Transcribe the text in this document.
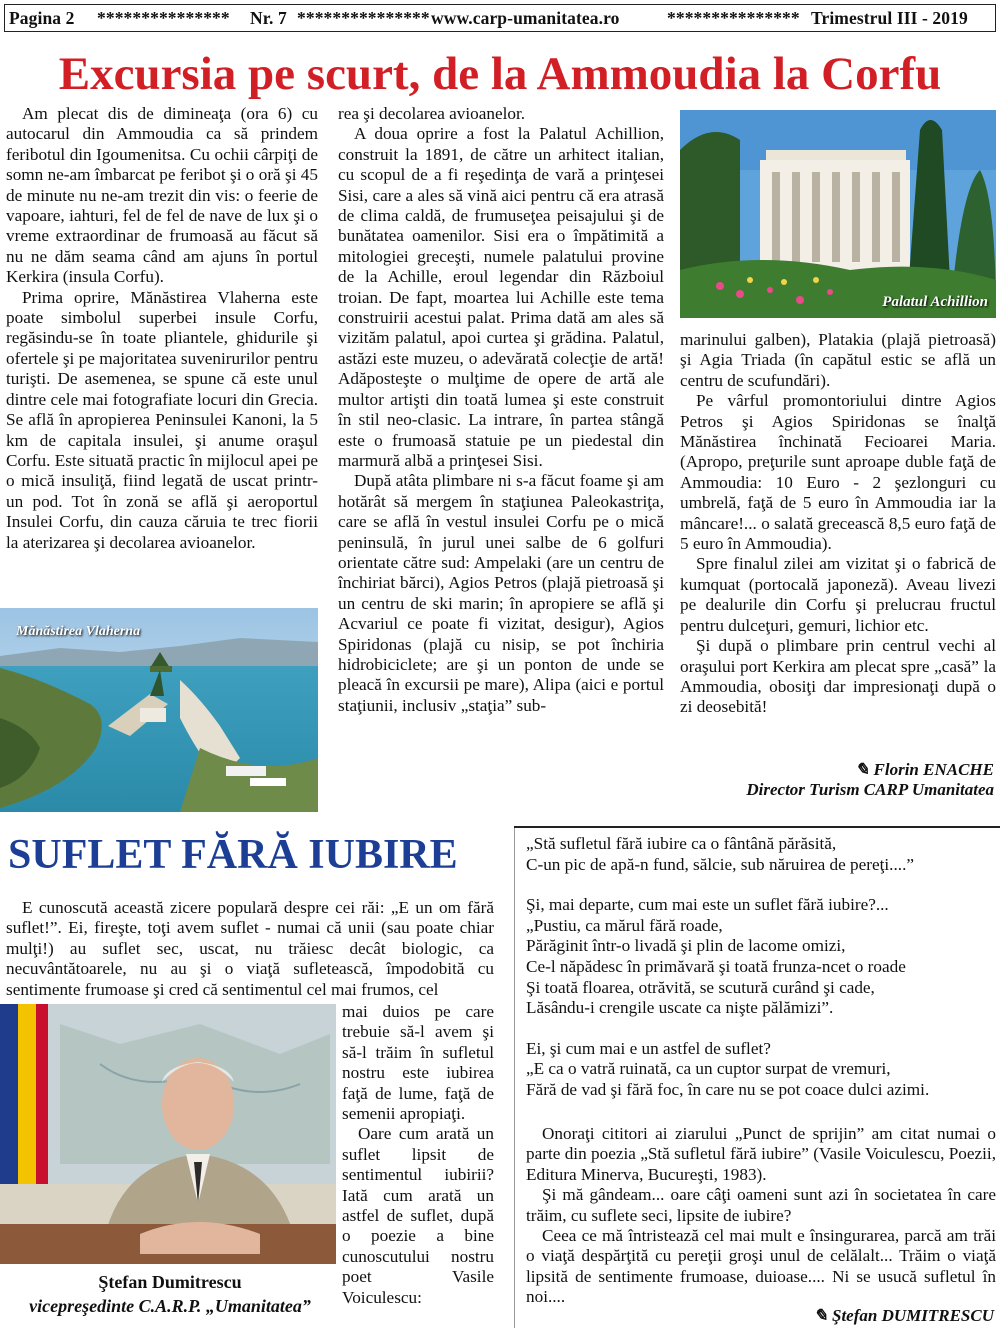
Pagina 2 *************** Nr. 7 *************** www.carp-umanitatea.ro	*************** Trimestrul III - 2019
Excursia pe scurt, de la Ammoudia la Corfu

Am plecat dis de dimineaţa (ora 6) cu autocarul din Ammoudia ca să prindem feribotul din Igoumenitsa. Cu ochii cârpiţi de somn ne-am îmbarcat pe feribot şi o oră şi 45 de minute nu ne-am trezit din vis: o feerie de vapoare, iahturi, fel de fel de nave de lux şi o vreme extraordinar de frumoasă au făcut să nu ne dăm seama când am ajuns în portul Kerkira (insula Corfu).

Prima oprire, Mănăstirea Vlaherna este poate simbolul superbei insule Corfu, regăsindu-se în toate pliantele, ghidurile şi ofertele şi pe majoritatea suvenirurilor pentru turişti. De asemenea, se spune că este unul dintre cele mai fotografiate locuri din Grecia. Se află în apropierea Peninsulei Kanoni, la 5 km de capitala insulei, şi anume oraşul Corfu. Este situată practic în mijlocul apei pe o mică insuliţă, fiind legată de uscat printr-un pod. Tot în zonă se află şi aeroportul Insulei Corfu, din cauza căruia te trec fiorii la aterizarea şi decolarea avioanelor.

Mănăstirea Vlaherna

rea şi decolarea avioanelor.

A doua oprire a fost la Palatul Achillion, construit la 1891, de către un arhitect italian, cu scopul de a fi reşedinţa de vară a prinţesei Sisi, care a ales să vină aici pentru că era atrasă de clima caldă, de frumuseţea peisajului şi de bunătatea oamenilor. Sisi era o împătimită a mitologiei greceşti, numele palatului provine de la Achille, eroul legendar din Războiul troian. De fapt, moartea lui Achille este tema construirii acestui palat. Prima dată am ales să vizităm palatul, apoi curtea şi grădina. Palatul, astăzi este muzeu, o adevărată colecţie de artă! Adăposteşte o mulţime de opere de artă ale multor artişti din toată lumea şi este construit în stil neo-clasic. La intrare, în partea stângă este o frumoasă statuie pe un piedestal din marmură albă a prinţesei Sisi.

După atâta plimbare ni s-a făcut foame şi am hotărât să mergem în staţiunea Paleokastriţa, care se află în vestul insulei Corfu pe o mică peninsulă, în jurul unei salbe de 6 golfuri orientate către sud: Ampelaki (are un centru de închiriat bărci), Agios Petros (plajă pietroasă şi un centru de ski marin; în apropiere se află şi Acvariul ce poate fi vizitat, desigur), Agios Spiridonas (plajă cu nisip, se pot închiria hidrobiciclete; are şi un ponton de unde se pleacă în excursii pe mare), Alipa (aici e portul staţiunii, inclusiv „staţia” sub-

Palatul Achillion

marinului galben), Platakia (plajă pietroasă) şi Agia Triada (în capătul estic se află un centru de scufundări).

Pe vârful promontoriului dintre Agios Petros şi Agios Spiridonas se înalţă Mănăstirea închinată Fecioarei Maria. (Apropo, preţurile sunt aproape duble faţă de Ammoudia: 10 Euro - 2 şezlonguri cu umbrelă, faţă de 5 euro în Ammoudia iar la mâncare!... o salată grecească 8,5 euro faţă de 5 euro în Ammoudia).

Spre finalul zilei am vizitat şi o fabrică de kumquat (portocală japoneză). Aveau livezi pe dealurile din Corfu şi prelucrau fructul pentru dulceţuri, gemuri, lichior etc.

Şi după o plimbare prin centrul vechi al oraşului port Kerkira am plecat spre „casă” la Ammoudia, obosiţi dar impresionaţi după o zi deosebită!

✎ Florin ENACHE
Director Turism CARP Umanitatea
SUFLET FĂRĂ IUBIRE

E cunoscută această zicere populară despre cei răi: „E un om fără suflet!”. Ei, fireşte, toţi avem suflet - numai că unii (sau poate chiar mulţi!) au suflet sec, uscat, nu trăiesc decât biologic, ca necuvântătoarele, nu au şi o viaţă sufletească, împodobită cu sentimente frumoase şi cred că sentimentul cel mai frumos, cel

Ştefan Dumitrescu
vicepreşedinte C.A.R.P. „Umanitatea”

mai duios pe care trebuie să-l avem şi să-l trăim în sufletul nostru este iubirea faţă de lume, faţă de semenii apropiaţi.

Oare cum arată un suflet lipsit de sentimentul iubirii? Iată cum arată un astfel de suflet, după o poezie a bine cunoscutului nostru poet Vasile Voiculescu:

„Stă sufletul fără iubire ca o fântână părăsită,

C-un pic de apă-n fund, sălcie, sub năruirea de pereţi....”

Şi, mai departe, cum mai este un suflet fără iubire?...

„Pustiu, ca mărul fără roade,

Părăginit într-o livadă şi plin de lacome omizi,

Ce-l năpădesc în primăvară şi toată frunza-ncet o roade

Şi toată floarea, otrăvită, se scutură curând şi cade,

Lăsându-i crengile uscate ca nişte pălămizi”.

Ei, şi cum mai e un astfel de suflet?

„E ca o vatră ruinată, ca un cuptor surpat de vremuri,

Fără de vad şi fără foc, în care nu se pot coace dulci azimi.

Onoraţi cititori ai ziarului „Punct de sprijin” am citat numai o parte din poezia „Stă sufletul fără iubire” (Vasile Voiculescu, Poezii, Editura Minerva, Bucureşti, 1983).

Şi mă gândeam... oare câţi oameni sunt azi în societatea în care trăim, cu suflete seci, lipsite de iubire?

Ceea ce mă întristează cel mai mult e însingurarea, parcă am trăi o viaţă despărţită cu pereţii groşi unul de celălalt... Trăim o viaţă lipsită de sentimente frumoase, duioase.... Ni se usucă sufletul în noi....

✎ Ştefan DUMITRESCU
